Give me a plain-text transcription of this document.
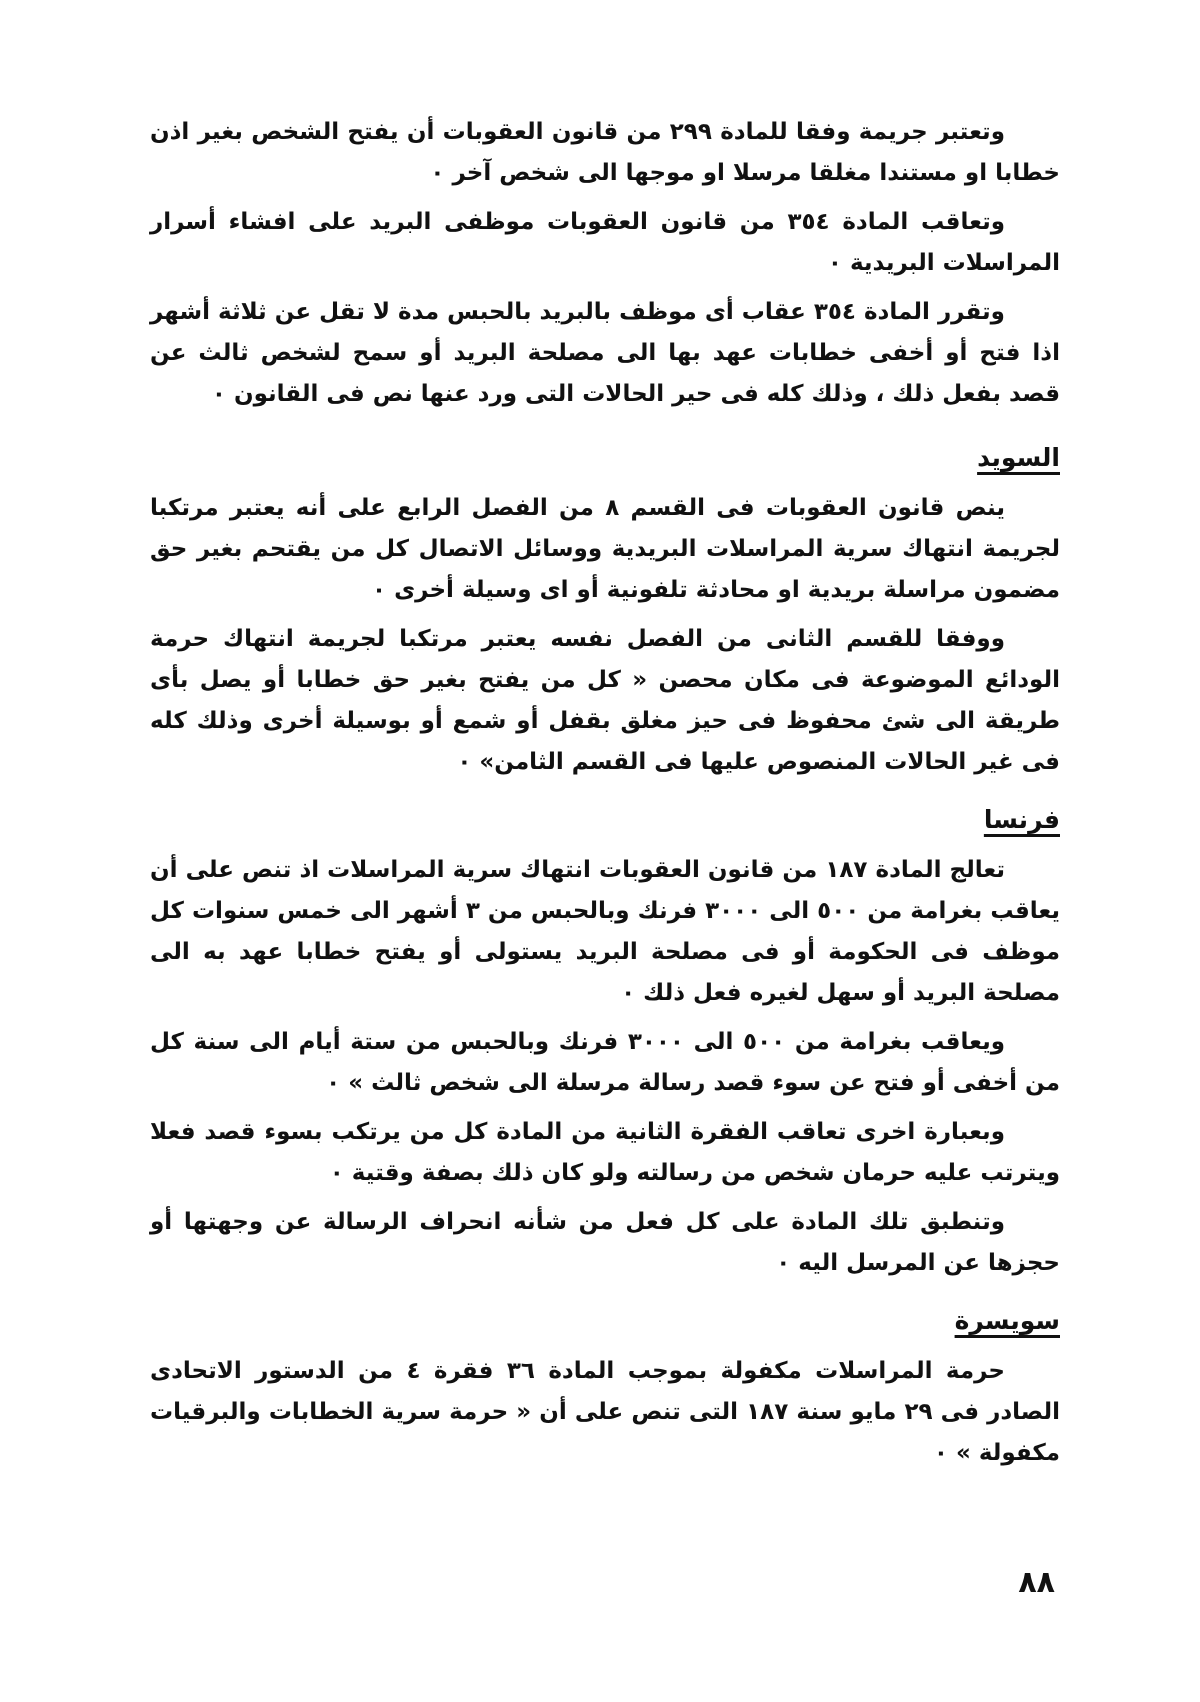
وتعتبر جريمة وفقا للمادة ٢٩٩ من قانون العقوبات أن يفتح الشخص بغير اذن خطابا او مستندا مغلقا مرسلا او موجها الى شخص آخر ٠

وتعاقب المادة ٣٥٤ من قانون العقوبات موظفى البريد على افشاء أسرار المراسلات البريدية ٠

وتقرر المادة ٣٥٤ عقاب أى موظف بالبريد بالحبس مدة لا تقل عن ثلاثة أشهر اذا فتح أو أخفى خطابات عهد بها الى مصلحة البريد أو سمح لشخص ثالث عن قصد بفعل ذلك ، وذلك كله فى حير الحالات التى ورد عنها نص فى القانون ٠

السويد

ينص قانون العقوبات فى القسم ٨ من الفصل الرابع على أنه يعتبر مرتكبا لجريمة انتهاك سرية المراسلات البريدية ووسائل الاتصال كل من يقتحم بغير حق مضمون مراسلة بريدية او محادثة تلفونية أو اى وسيلة أخرى ٠

ووفقا للقسم الثانى من الفصل نفسه يعتبر مرتكبا لجريمة انتهاك حرمة الودائع الموضوعة فى مكان محصن « كل من يفتح بغير حق خطابا أو يصل بأى طريقة الى شئ محفوظ فى حيز مغلق بقفل أو شمع أو بوسيلة أخرى وذلك كله فى غير الحالات المنصوص عليها فى القسم الثامن» ٠

فرنسا

تعالج المادة ١٨٧ من قانون العقوبات انتهاك سرية المراسلات اذ تنص على أن يعاقب بغرامة من ٥٠٠ الى ٣٠٠٠ فرنك وبالحبس من ٣ أشهر الى خمس سنوات كل موظف فى الحكومة أو فى مصلحة البريد يستولى أو يفتح خطابا عهد به الى مصلحة البريد أو سهل لغيره فعل ذلك ٠

ويعاقب بغرامة من ٥٠٠ الى ٣٠٠٠ فرنك وبالحبس من ستة أيام الى سنة كل من أخفى أو فتح عن سوء قصد رسالة مرسلة الى شخص ثالث » ٠

وبعبارة اخرى تعاقب الفقرة الثانية من المادة كل من يرتكب بسوء قصد فعلا ويترتب عليه حرمان شخص من رسالته ولو كان ذلك بصفة وقتية ٠

وتنطبق تلك المادة على كل فعل من شأنه انحراف الرسالة عن وجهتها أو حجزها عن المرسل اليه ٠

سويسرة

حرمة المراسلات مكفولة بموجب المادة ٣٦ فقرة ٤ من الدستور الاتحادى الصادر فى ٢٩ مايو سنة ١٨٧ التى تنص على أن « حرمة سرية الخطابات والبرقيات مكفولة » ٠

٨٨
